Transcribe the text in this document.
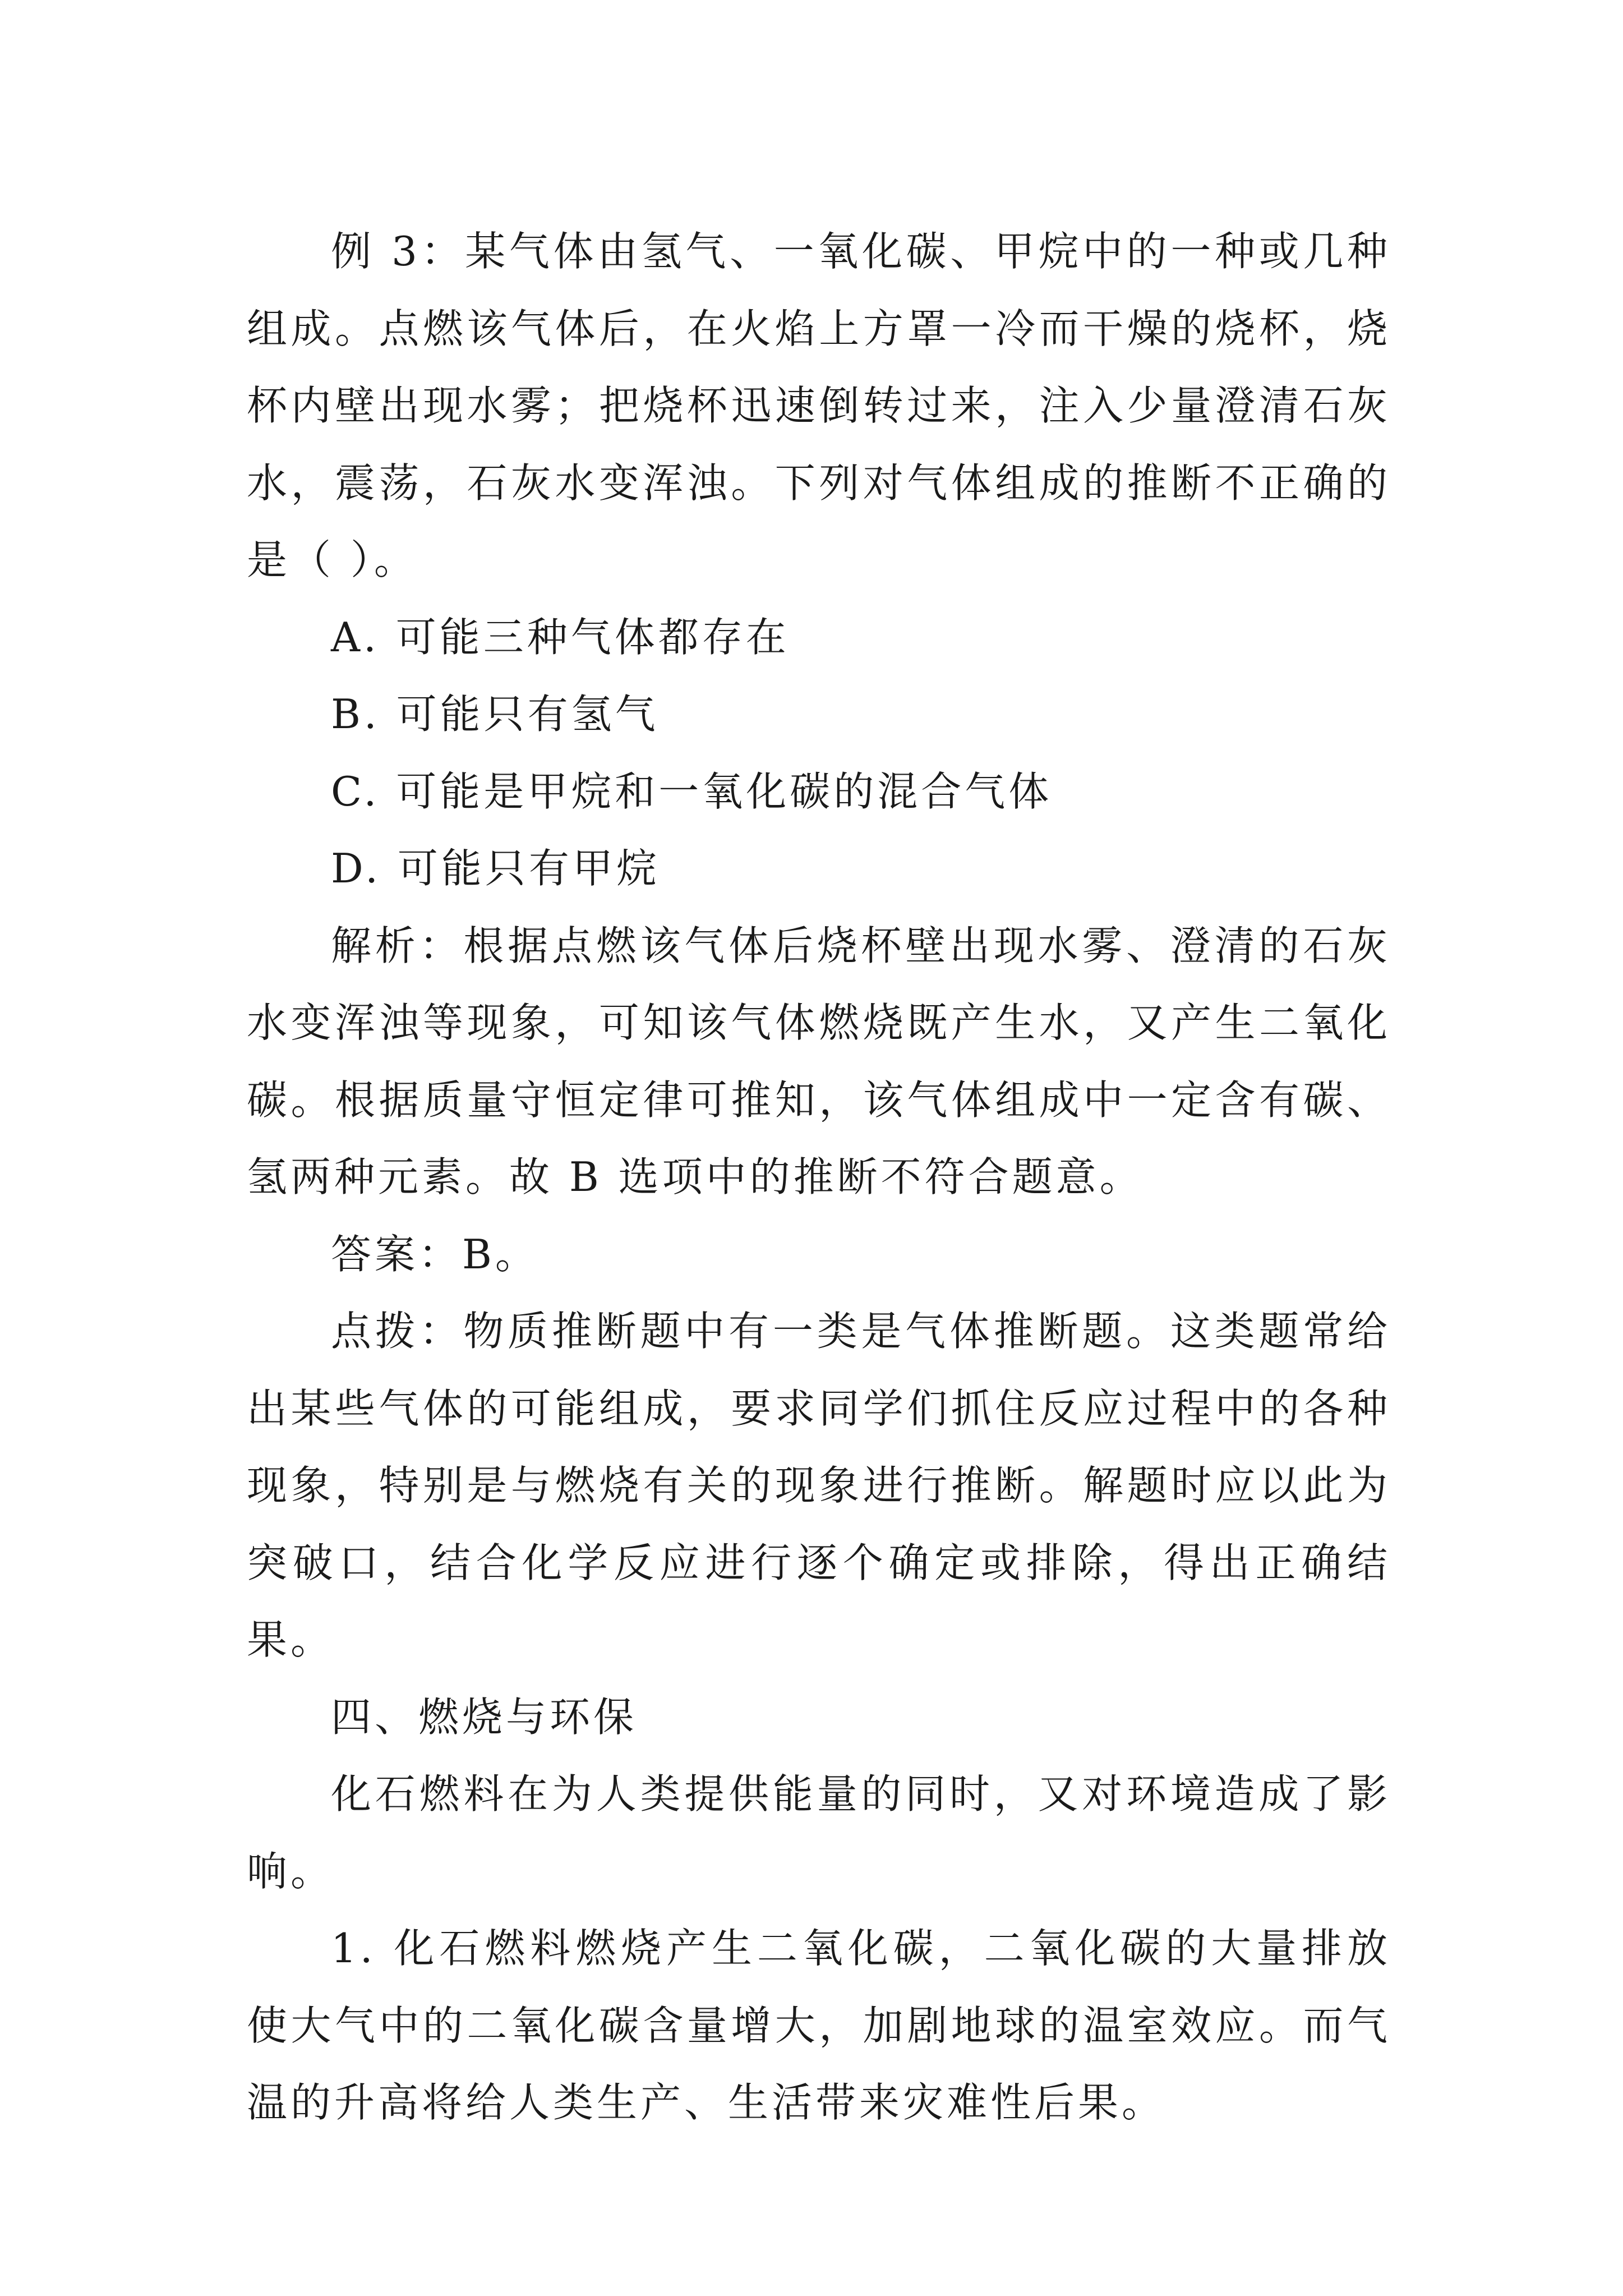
例 3：某气体由氢气、一氧化碳、甲烷中的一种或几种组成。点燃该气体后，在火焰上方罩一冷而干燥的烧杯，烧杯内壁出现水雾；把烧杯迅速倒转过来，注入少量澄清石灰水，震荡，石灰水变浑浊。下列对气体组成的推断不正确的是（ ）。

A. 可能三种气体都存在

B. 可能只有氢气

C. 可能是甲烷和一氧化碳的混合气体

D. 可能只有甲烷

解析：根据点燃该气体后烧杯壁出现水雾、澄清的石灰水变浑浊等现象，可知该气体燃烧既产生水，又产生二氧化碳。根据质量守恒定律可推知，该气体组成中一定含有碳、氢两种元素。故 B 选项中的推断不符合题意。

答案：B。

点拨：物质推断题中有一类是气体推断题。这类题常给出某些气体的可能组成，要求同学们抓住反应过程中的各种现象，特别是与燃烧有关的现象进行推断。解题时应以此为突破口，结合化学反应进行逐个确定或排除，得出正确结果。

四、燃烧与环保

化石燃料在为人类提供能量的同时，又对环境造成了影响。

1. 化石燃料燃烧产生二氧化碳，二氧化碳的大量排放使大气中的二氧化碳含量增大，加剧地球的温室效应。而气温的升高将给人类生产、生活带来灾难性后果。
